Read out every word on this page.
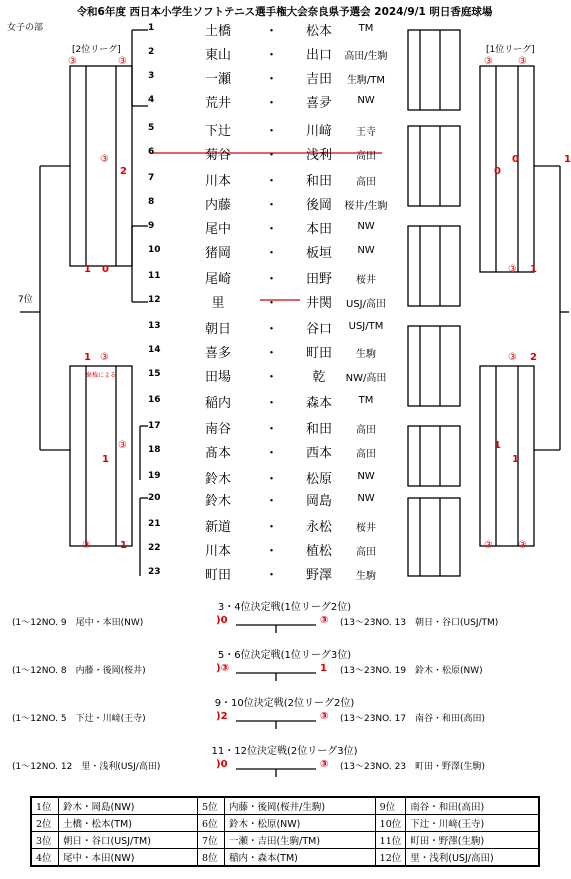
令和6年度 西日本小学生ソフトテニス選手権大会奈良県予選会 2024/9/1 明日香庭球場
女子の部
[2位リーグ]	[1位リーグ]
7位
1	土橋	・	松本	TM
2	東山	・	出口	高田/生駒
3	一瀬	・	吉田	生駒/TM
4	荒井	・	喜夛	NW
5	下辻	・	川﨑	王寺
6	菊谷	・	浅利	高田
7	川本	・	和田	高田
8	内藤	・	後岡	桜井/生駒
9	尾中	・	本田	NW
10	猪岡	・	板垣	NW
11	尾崎	・	田野	桜井
12	里	・	井関	USJ/高田
13	朝日	・	谷口	USJ/TM
14	喜多	・	町田	生駒
15	田場	・	乾	NW/高田
16	稲内	・	森本	TM
17	南谷	・	和田	高田
18	髙本	・	西本	高田
19	鈴木	・	松原	NW
20	鈴木	・	岡島	NW
21	新道	・	永松	桜井
22	川本	・	植松	高田
23	町田	・	野澤	生駒
③	③
③
2
1 0
1 ③
棄権による
③
1
③	1
③	③
0	1
0
③ 1
③ 2
1
1
③	③
3・4位決定戦(1位リーグ2位)
(1～12NO. 9　尾中・本田(NW)	)0	③ (13～23NO. 13　朝日・谷口(USJ/TM)
5・6位決定戦(1位リーグ3位)
(1～12NO. 8　内藤・後岡(桜井)	)③	1 (13～23NO. 19　鈴木・松原(NW)
9・10位決定戦(2位リーグ2位)
(1～12NO. 5　下辻・川﨑(王寺)	)2	③ (13～23NO. 17　南谷・和田(高田)
11・12位決定戦(2位リーグ3位)
(1～12NO. 12　里・浅利(USJ/高田)	)0	③ (13～23NO. 23　町田・野澤(生駒)
1位	鈴木・岡島(NW)	5位	内藤・後岡(桜井/生駒)	9位	南谷・和田(高田)
2位	土橋・松本(TM)	6位	鈴木・松原(NW)	10位	下辻・川﨑(王寺)
3位	朝日・谷口(USJ/TM)	7位	一瀬・吉田(生駒/TM)	11位	町田・野澤(生駒)
4位	尾中・本田(NW)	8位	稲内・森本(TM)	12位	里・浅利(USJ/高田)
